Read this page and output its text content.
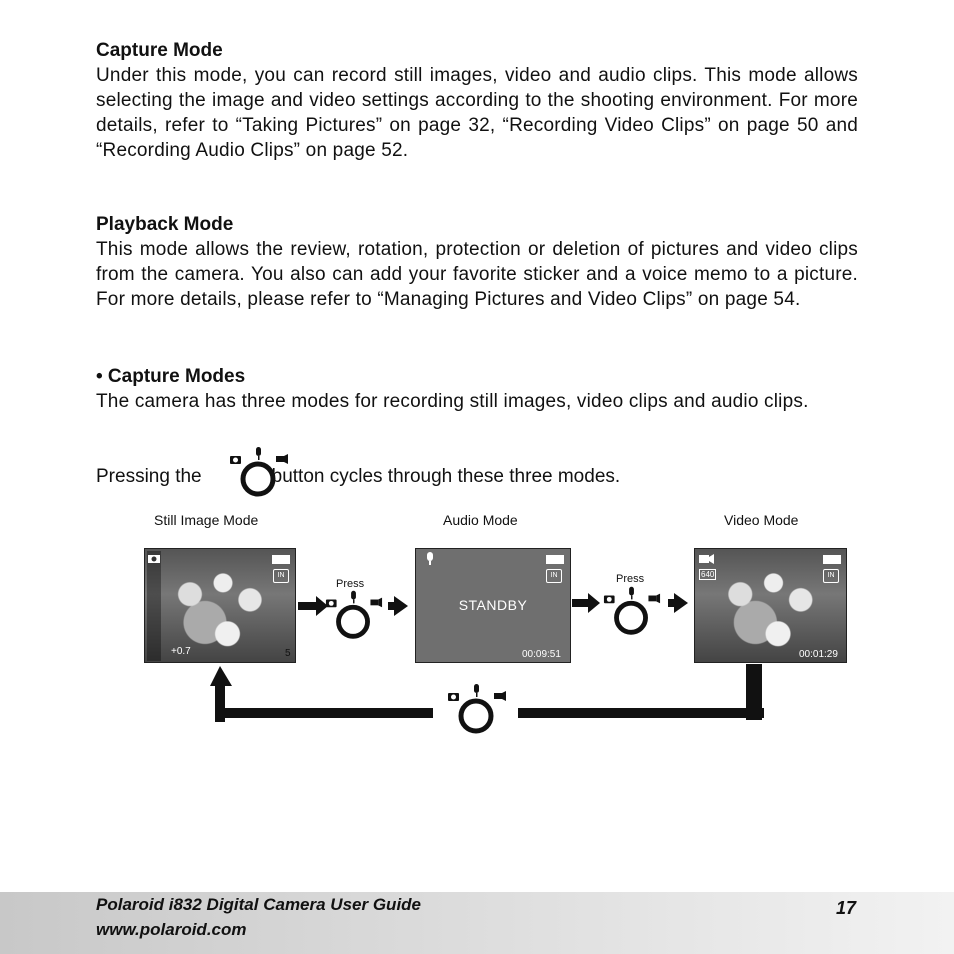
Capture Mode

Under this mode, you can record still images, video and audio clips. This mode allows selecting the image and video settings according to the shooting environment. For more details, refer to “Taking Pictures” on page 32, “Recording Video Clips” on page 50 and “Recording Audio Clips” on page 52.

Playback Mode

This mode allows the review, rotation, protection or deletion of pictures and video clips from the camera. You also can add your favorite sticker and a voice memo to a picture. For more details, please refer to “Managing Pictures and Video Clips” on page 54.

• Capture Modes

The camera has three modes for recording still images, video clips and audio clips.

Pressing the	button cycles through these three modes.
Still Image Mode	Audio Mode	Video Mode
IN
+0.7	5
IN
STANDBY
00:09:51
640	IN
00:01:29
Press	Press
Polaroid i832 Digital Camera User Guide
www.polaroid.com
17
